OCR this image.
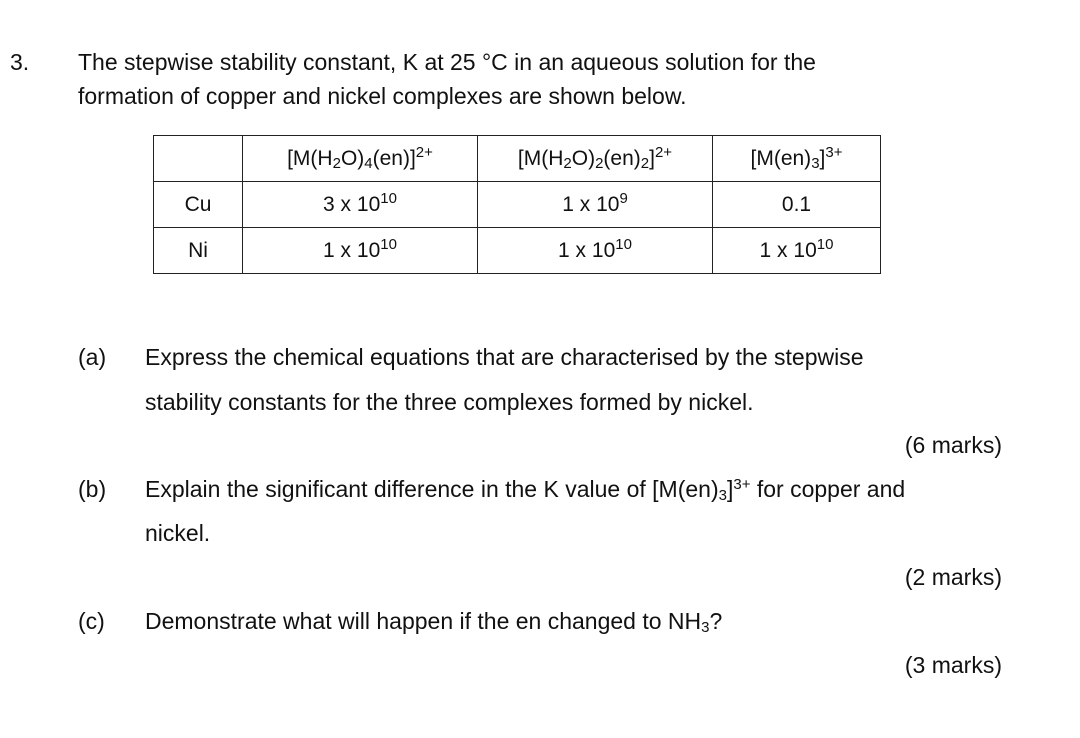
3. The stepwise stability constant, K at 25 °C in an aqueous solution for the
formation of copper and nickel complexes are shown below.
	$[M(H_2O)_4(en)]^{2+}$	$[M(H_2O)_2(en)_2]^{2+}$	$[M(en)_3]^{3+}$
Cu	3 x $10^{10}$	1 x $10^9$	0.1
Ni	1 x $10^{10}$	1 x $10^{10}$	1 x $10^{10}$
(a) Express the chemical equations that are characterised by the stepwise
stability constants for the three complexes formed by nickel.
(6 marks)
(b) Explain the significant difference in the K value of $[M(en)_3]^{3+}$ for copper and
nickel.
(2 marks)
(c) Demonstrate what will happen if the en changed to $NH_3$?
(3 marks)
